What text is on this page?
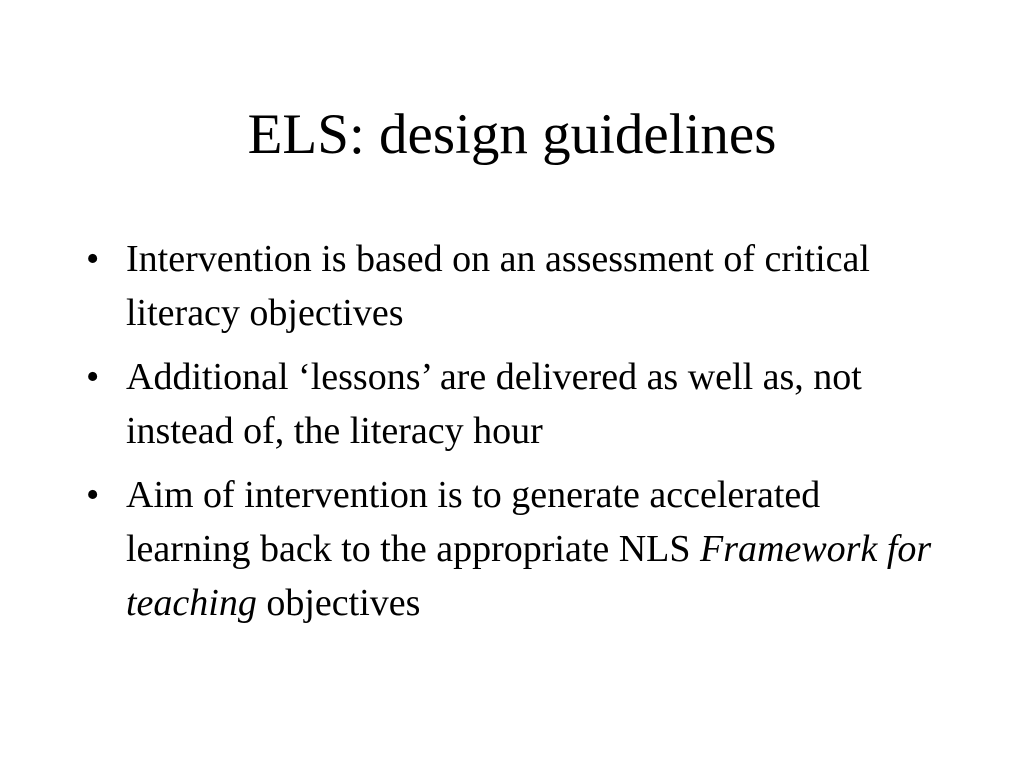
ELS: design guidelines
• Intervention is based on an assessment of critical literacy objectives
• Additional ‘lessons’ are delivered as well as, not instead of, the literacy hour
• Aim of intervention is to generate accelerated learning back to the appropriate NLS Framework for teaching objectives
